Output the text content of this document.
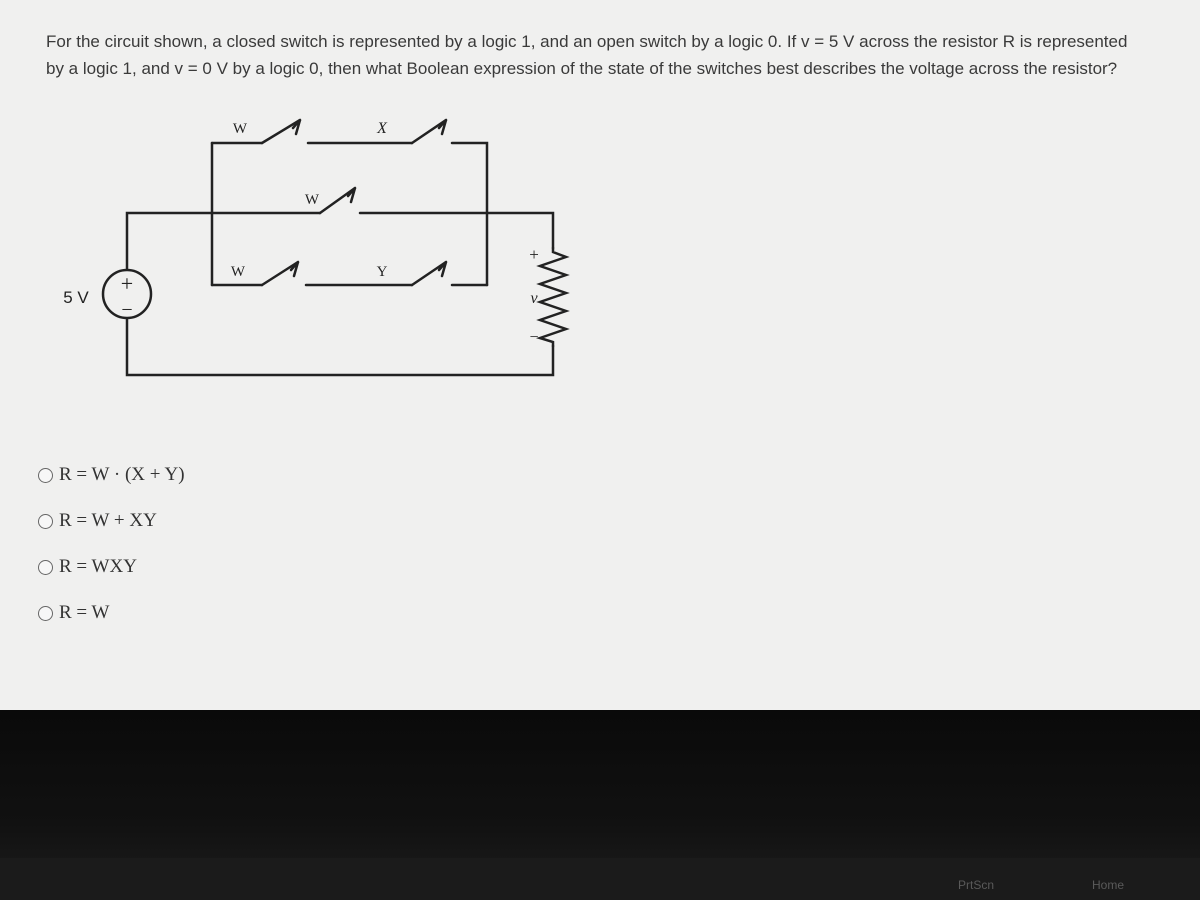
For the circuit shown, a closed switch is represented by a logic 1, and an open switch by a logic 0. If v = 5 V across the resistor R is represented
by a logic 1, and v = 0 V by a logic 0, then what Boolean expression of the state of the switches best describes the voltage across the resistor?
+
−
5 V
W	X
W
W	Y
+
v
−
R = W · (X + Y)
R = W + XY
R = WXY
R = W
PrtScn	Home
